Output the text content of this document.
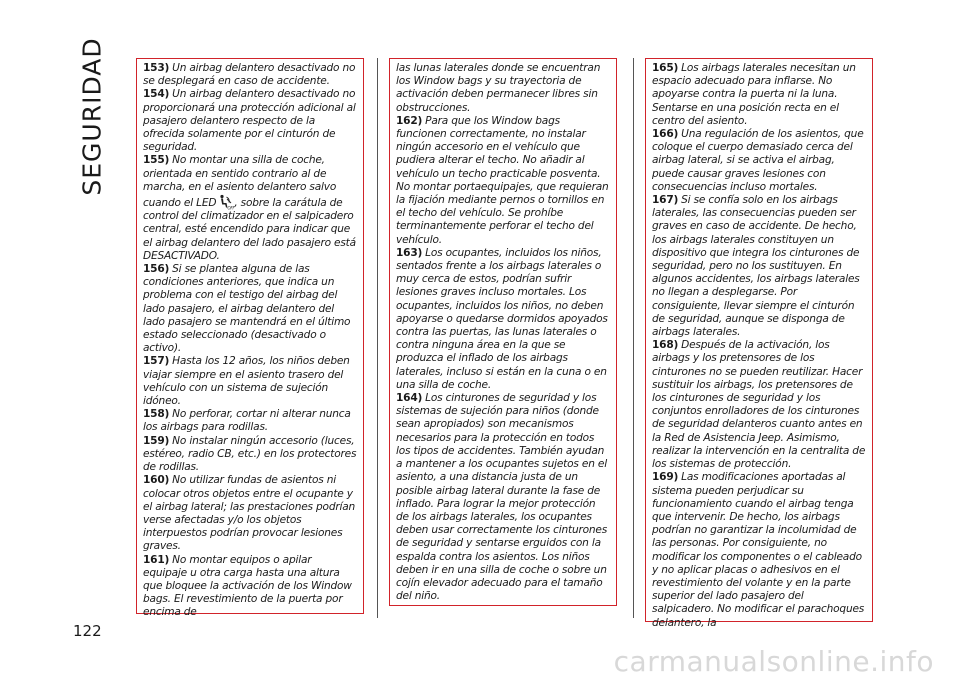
SEGURIDAD
122

153) Un airbag delantero desactivado no se desplegará en caso de accidente.

154) Un airbag delantero desactivado no proporcionará una protección adicional al pasajero delantero respecto de la ofrecida solamente por el cinturón de seguridad.

155) No montar una silla de coche, orientada en sentido contrario al de marcha, en el asiento delantero salvo cuando el LED	OFF , sobre la carátula de control del climatizador en el salpicadero central, esté encendido para indicar que el airbag delantero del lado pasajero está DESACTIVADO.

156) Si se plantea alguna de las condiciones anteriores, que indica un problema con el testigo del airbag del lado pasajero, el airbag delantero del lado pasajero se mantendrá en el último estado seleccionado (desactivado o activo).

157) Hasta los 12 años, los niños deben viajar siempre en el asiento trasero del vehículo con un sistema de sujeción idóneo.

158) No perforar, cortar ni alterar nunca los airbags para rodillas.

159) No instalar ningún accesorio (luces, estéreo, radio CB, etc.) en los protectores de rodillas.

160) No utilizar fundas de asientos ni colocar otros objetos entre el ocupante y el airbag lateral; las prestaciones podrían verse afectadas y/o los objetos interpuestos podrían provocar lesiones graves.

161) No montar equipos o apilar equipaje u otra carga hasta una altura que bloquee la activación de los Window bags. El revestimiento de la puerta por encima de

las lunas laterales donde se encuentran los Window bags y su trayectoria de activación deben permanecer libres sin obstrucciones.

162) Para que los Window bags funcionen correctamente, no instalar ningún accesorio en el vehículo que pudiera alterar el techo. No añadir al vehículo un techo practicable posventa. No montar portaequipajes, que requieran la fijación mediante pernos o tornillos en el techo del vehículo. Se prohíbe terminantemente perforar el techo del vehículo.

163) Los ocupantes, incluidos los niños, sentados frente a los airbags laterales o muy cerca de estos, podrían sufrir lesiones graves incluso mortales. Los ocupantes, incluidos los niños, no deben apoyarse o quedarse dormidos apoyados contra las puertas, las lunas laterales o contra ninguna área en la que se produzca el inflado de los airbags laterales, incluso si están en la cuna o en una silla de coche.

164) Los cinturones de seguridad y los sistemas de sujeción para niños (donde sean apropiados) son mecanismos necesarios para la protección en todos los tipos de accidentes. También ayudan a mantener a los ocupantes sujetos en el asiento, a una distancia justa de un posible airbag lateral durante la fase de inflado. Para lograr la mejor protección de los airbags laterales, los ocupantes deben usar correctamente los cinturones de seguridad y sentarse erguidos con la espalda contra los asientos. Los niños deben ir en una silla de coche o sobre un cojín elevador adecuado para el tamaño del niño.

165) Los airbags laterales necesitan un espacio adecuado para inflarse. No apoyarse contra la puerta ni la luna. Sentarse en una posición recta en el centro del asiento.

166) Una regulación de los asientos, que coloque el cuerpo demasiado cerca del airbag lateral, si se activa el airbag, puede causar graves lesiones con consecuencias incluso mortales.

167) Si se confía solo en los airbags laterales, las consecuencias pueden ser graves en caso de accidente. De hecho, los airbags laterales constituyen un dispositivo que integra los cinturones de seguridad, pero no los sustituyen. En algunos accidentes, los airbags laterales no llegan a desplegarse. Por consiguiente, llevar siempre el cinturón de seguridad, aunque se disponga de airbags laterales.

168) Después de la activación, los airbags y los pretensores de los cinturones no se pueden reutilizar. Hacer sustituir los airbags, los pretensores de los cinturones de seguridad y los conjuntos enrolladores de los cinturones de seguridad delanteros cuanto antes en la Red de Asistencia Jeep. Asimismo, realizar la intervención en la centralita de los sistemas de protección.

169) Las modificaciones aportadas al sistema pueden perjudicar su funcionamiento cuando el airbag tenga que intervenir. De hecho, los airbags podrían no garantizar la incolumidad de las personas. Por consiguiente, no modificar los componentes o el cableado y no aplicar placas o adhesivos en el revestimiento del volante y en la parte superior del lado pasajero del salpicadero. No modificar el parachoques delantero, la

carmanualsonline.info
